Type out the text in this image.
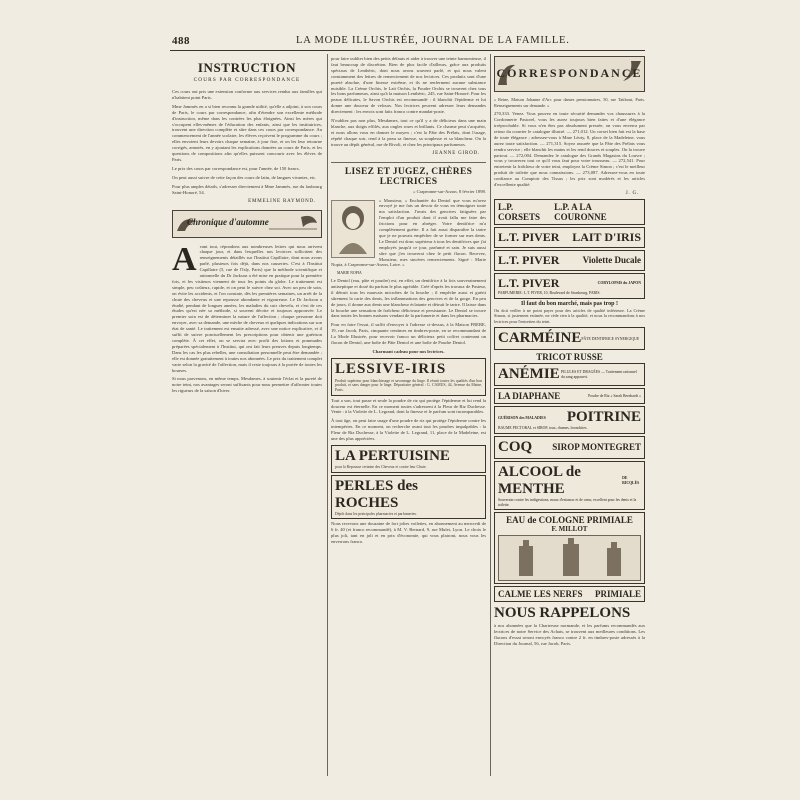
488	LA MODE ILLUSTRÉE, JOURNAL DE LA FAMILLE.
INSTRUCTION
COURS PAR CORRESPONDANCE

Ces cours ont pris une extension conforme aux services rendus aux familles qui n'habitent point Paris.

Mme Jammès en a si bien reconnu la grande utilité, qu'elle a adjoint, à son cours de Paris, le cours par correspondance, afin d'étendre son excellente méthode d'instruction, même dans les contrées les plus éloignées. Ainsi les mères qui s'occupent elles-mêmes de l'éducation des enfants, ainsi que les institutrices, trouvent une direction complète et sûre dans ces cours par correspondance. Au commencement de l'année scolaire, les élèves reçoivent le programme du cours ; elles envoient leurs devoirs chaque semaine, à jour fixe, et on les leur retourne corrigés, annotés, en y ajoutant les explications données au cours de Paris, et les questions de compositions afin qu'elles puissent concourir avec les élèves de Paris.

Le prix des cours par correspondance est, pour l'année, de 150 francs.

On peut aussi suivre de cette façon des cours de latin, de langues vivantes, etc.

Pour plus amples détails, s'adresser directement à Mme Jammès, rue du faubourg Saint-Honoré, 54.

EMMELINE RAYMOND.
Chronique d'automne
A vant tout, répondons aux nombreuses lettres qui nous arrivent chaque jour, et dans lesquelles nos lectrices sollicitent des renseignements détaillés sur l'Institut Capillaire, dont nous avons parlé, plusieurs fois déjà, dans nos causeries. C'est à l'Institut Capillaire (5, rue de l'Isly, Paris) que la méthode scientifique et rationnelle du Dr Jackson a été mise en pratique pour la première fois, et les visiteurs viennent de tous les points du globe. Le traitement est simple, peu coûteux, rapide, et on peut le suivre chez soi. Avec un peu de soin, on évite les accidents, et l'on constate, dès les premières semaines, un arrêt de la chute des cheveux et une repousse abondante et vigoureuse. Le Dr Jackson a étudié, pendant de longues années, les maladies du cuir chevelu, et c'est de ces études qu'est née sa méthode, si souvent décrite et toujours approuvée. Le premier soin est de déterminer la nature de l'affection ; chaque personne doit envoyer, avec sa demande, une mèche de cheveux et quelques indications sur son état de santé. Le traitement est ensuite adressé, avec une notice explicative, et il suffit de suivre ponctuellement les prescriptions pour obtenir une guérison complète. À cet effet, on se servira avec profit des lotions et pommades préparées spécialement à l'Institut, qui ont fait leurs preuves depuis longtemps. Dans les cas les plus rebelles, une consultation personnelle peut être demandée ; elle est donnée gratuitement à toutes nos abonnées. Le prix du traitement complet varie selon la gravité de l'affection, mais il reste toujours à la portée de toutes les bourses.

Si nous parvenons, en même temps, Mesdames, à soutenir l'éclat et la pureté de notre teint, nos avantages seront suffisants pour nous permettre d'affronter toutes les rigueurs de la saison d'hiver.

pour faire oublier bien des petits défauts et aider à trouver une teinte harmonieuse, il faut beaucoup de discrétion. Rien de plus facile d'ailleurs, grâce aux produits spéciaux de Lenthéric, dont nous avons souvent parlé, et qui nous valent constamment des lettres de remerciement de nos lectrices. Ces produits sont d'une pureté absolue, d'une finesse extrême, et ils ne renferment aucune substance nuisible. La Crème Orchis, le Lait Orchis, la Poudre Orchis se trouvent chez tous les bons parfumeurs, ainsi qu'à la maison Lenthéric, 245, rue Saint-Honoré. Pour les peaux délicates, le Savon Orchis est recommandé : il blanchit l'épiderme et lui donne une douceur de velours. Nos lectrices peuvent adresser leurs demandes directement : les envois sont faits franco contre mandat-poste.

N'oubliez pas non plus, Mesdames, tout ce qu'il y a de délicieux dans une main blanche, aux doigts effilés, aux ongles roses et brillants. Ce charme peut s'acquérir, et nous allons vous en donner le moyen ; c'est la Pâte des Prélats, dont l'usage, répété chaque soir, rend à la peau sa finesse, sa souplesse et sa blancheur. On la trouve au dépôt général, rue de Rivoli, et chez les principaux parfumeurs.

JEANNE GIROD.
LISEZ ET JUGEZ, CHÈRES LECTRICES

« Crapeonne-sur-Arzon, 8 février 1898.

« Monsieur, « Enchantée du Dentol que vous m'avez envoyé je me fais un devoir de vous en témoigner toute ma satisfaction. J'avais des gencives fatiguées par l'emploi d'un produit dont il avait fallu me faire des frictions pour en abréger. Votre dentifrice m'a complètement guérie. Il a fait aussi disparaître la tartre que je ne pouvais empêcher de se former sur mes dents. Le Dentol est donc supérieur à tous les dentifrices que j'ai employés jusqu'à ce jour, parfumé et sain. Je suis aussi sûre que j'en trouverai chez le petit flacon. Recevez, Monsieur, mes sincères remerciements. Signé : Marie Nopia, à Crapeonne-sur-Arzon, Loire. »

MARIE NOPIA

Le Dentol (eau, pâte et poudre) est, en effet, un dentifrice à la fois souverainement antiseptique et doué du parfum le plus agréable. Créé d'après les travaux de Pasteur, il détruit tous les mauvais microbes de la bouche ; il empêche aussi et guérit sûrement la carie des dents, les inflammations des gencives et de la gorge. En peu de jours, il donne aux dents une blancheur éclatante et détruit le tartre. Il laisse dans la bouche une sensation de fraîcheur délicieuse et persistante. Le Dentol se trouve dans toutes les bonnes maisons vendant de la parfumerie et dans les pharmacies.

Pour en faire l'essai, il suffit d'envoyer à l'adresse ci-dessus, à la Maison FRERE, 19, rue Jacob, Paris, cinquante centimes en timbres-poste, en se recommandant de La Mode Illustrée, pour recevoir franco un délicieux petit coffret contenant un flacon de Dentol, une boîte de Pâte Dentol et une boîte de Poudre Dentol.

Charmant cadeau pour nos lectrices.

LESSIVE-IRIS

Produit supérieur pour blanchissage et savonnage du linge. Il réunit toutes les qualités d'un bon produit, et sans danger pour le linge. Dépositaire général : G. CAMUS, 44, Avenue du Maine, Paris.

Tout a son, tout passe et seule la poudre de riz qui protège l'épiderme et lui rend la douceur est éternelle. En ce moment toutes s'adressent à la Fleur de Riz Duchesse. Vente : à la Violette de L. Legrand, dont la finesse et le parfum sont incomparables.

À tout âge, on peut faire usage d'une poudre de riz qui protège l'épiderme contre les intempéries. En ce moment, on recherche avant tout les poudres impalpables : la Fleur de Riz Duchesse, à la Violette de L. Legrand, 11, place de la Madeleine, est une des plus appréciées.

LA PERTUISINE

pour la Repousse certaine des Cheveux et contre leur Chute.

PERLES des ROCHES

Dépôt dans les principales pharmacies et parfumeries.

Nous recevons une douzaine de fort jolies voilettes, en abonnement au mercredi de 6 fr. 40 (et franco recommandé), à M. V. Bernard, 9, rue Mulet, Lyon. Le choix le plus joli, tant en joli et en prix d'économie, qui vous plairont, nous vous les enverrons franco.

CORRESPONDANCE

« Reine, Maison Johanne d'Arc pour dames pensionnaires, 50, rue Taitbout, Paris. Renseignements sur demande. »

270,333. Venez. Vous pouvez en toute sécurité demander vos chaussures à la Cordonnerie Pastorel, vous les aurez toujours bien faites et d'une élégance irréprochable. Si vous n'en êtes pas absolument pressée, on vous enverra par retour du courrier le catalogue illustré. — 271,012. Un corset bien fait est la base de toute élégance ; adressez-vous à Mme Léoty, 8, place de la Madeleine, vous aurez toute satisfaction. — 271,315. Soyez assurée que la Pâte des Prélats vous rendra service ; elle blanchit les mains et les rend douces et souples. On la trouve partout. — 272,004. Demandez le catalogue des Grands Magasins du Louvre ; vous y trouverez tout ce qu'il vous faut pour votre trousseau. — 272,541. Pour entretenir la fraîcheur de votre teint, employez la Crème Simon ; c'est le meilleur produit de toilette que nous connaissions. — 273,087. Adressez-vous en toute confiance au Comptoir des Tissus ; les prix sont modérés et les articles d'excellente qualité.

J. G.
L.P. CORSETS
L.P. A LA COURONNE
L.T. PIVER LAIT D'IRIS
L.T. PIVER	Violette Ducale
L.T. PIVER	CORYLOPSIS du JAPON
PARFUMERIE: L.T. PIVER, 10, Boulevard de Strasbourg, PARIS.
Il faut du bon marché, mais pas trop !

On doit veiller à ne point payer pour des articles de qualité inférieure. La Crème Simon, si justement estimée, ne cède rien à la qualité, et nous la recommandons à nos lectrices pour l'entretien du teint.

CARMÉINE PÂTE DENTIFRICE SYNERGIQUE
TRICOT RUSSE
ANÉMIE PILULES ET DRAGÉES — Traitement rationnel du sang appauvri.
LA DIAPHANE	Poudre de Riz « Sarah Bernhardt »
GUÉRISON des MALADIES POITRINE
BAUME PECTORAL et SIROP, toux, rhumes, bronchites.
COQ SIROP MONTEGRET
ALCOOL de MENTHE
DE RICQLÈS
Souverain contre les indigestions, maux d'estomac et de cœur, excellent pour les dents et la toilette.
EAU de COLOGNE PRIMIALE
F. MILLOT
CALME LES NERFS PRIMIALE
NOUS RAPPELONS

à nos abonnées que la Chartreuse normande, et les parfums recommandés aux lectrices de notre Service des Achats, se trouvent aux meilleures conditions. Les flacons d'essai seront envoyés franco contre 2 fr. en timbres-poste adressés à la Direction du Journal, 56, rue Jacob, Paris.
